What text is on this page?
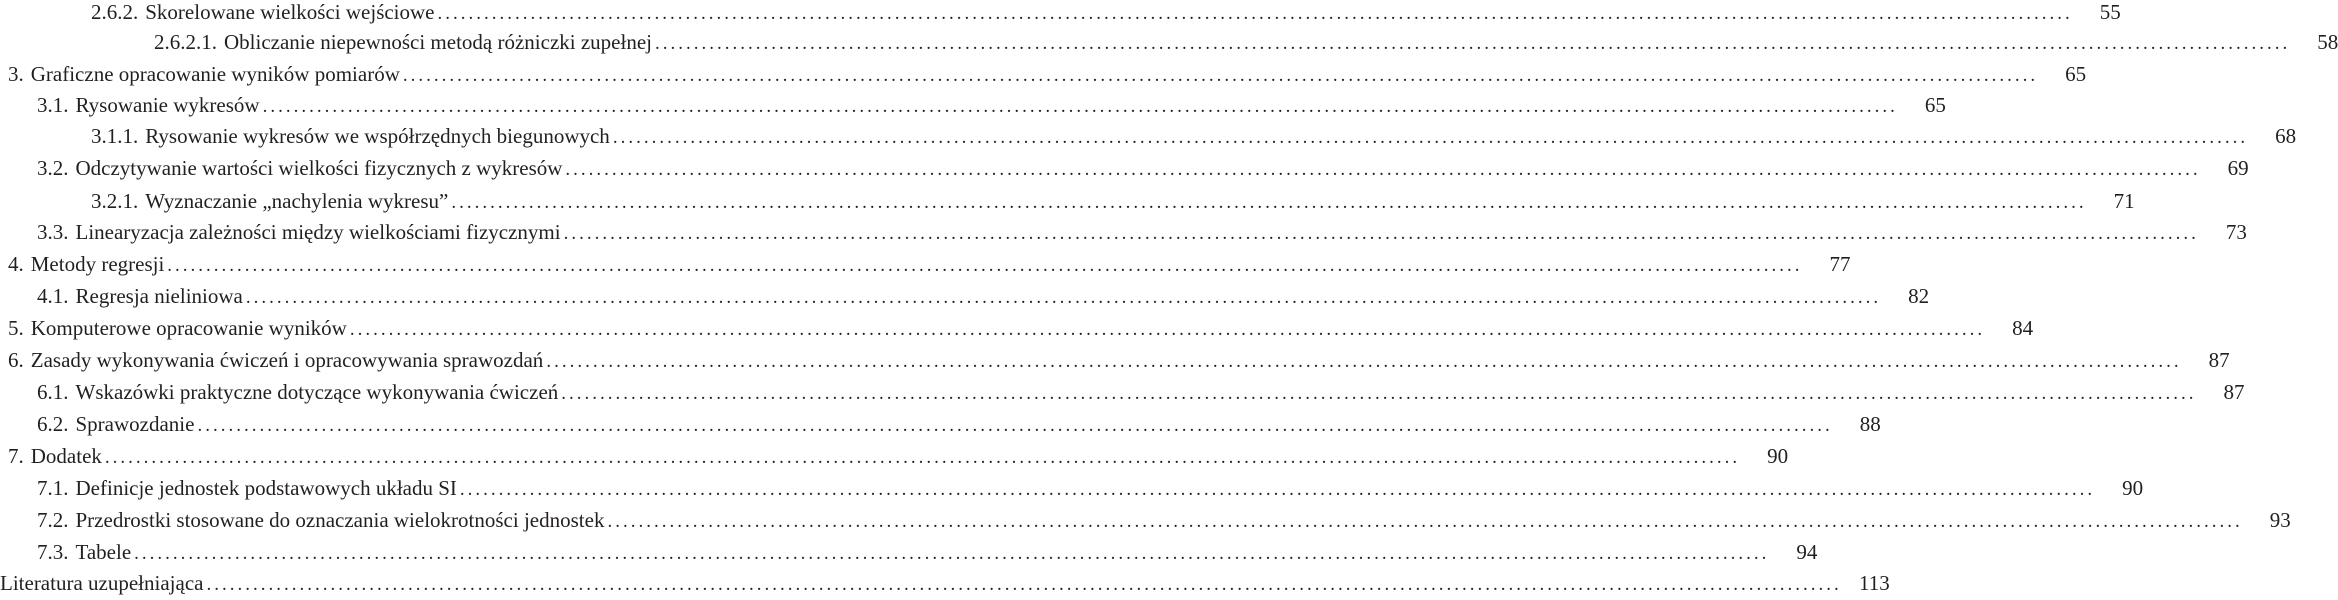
2.6.2. Skorelowane wielkości wejściowe ...................................................................................................................................................................................................................	55
2.6.2.1. Obliczanie niepewności metodą różniczki zupełnej ...................................................................................................................................................................................................................	58
3. Graficzne opracowanie wyników pomiarów ...................................................................................................................................................................................................................	65
3.1. Rysowanie wykresów ...................................................................................................................................................................................................................	65
3.1.1. Rysowanie wykresów we współrzędnych biegunowych ...................................................................................................................................................................................................................	68
3.2. Odczytywanie wartości wielkości fizycznych z wykresów ...................................................................................................................................................................................................................	69
3.2.1. Wyznaczanie „nachylenia wykresu” ...................................................................................................................................................................................................................	71
3.3. Linearyzacja zależności między wielkościami fizycznymi ...................................................................................................................................................................................................................	73
4. Metody regresji ...................................................................................................................................................................................................................	77
4.1. Regresja nieliniowa ...................................................................................................................................................................................................................	82
5. Komputerowe opracowanie wyników ...................................................................................................................................................................................................................	84
6. Zasady wykonywania ćwiczeń i opracowywania sprawozdań ...................................................................................................................................................................................................................	87
6.1. Wskazówki praktyczne dotyczące wykonywania ćwiczeń ...................................................................................................................................................................................................................	87
6.2. Sprawozdanie ...................................................................................................................................................................................................................	88
7. Dodatek ...................................................................................................................................................................................................................	90
7.1. Definicje jednostek podstawowych układu SI ...................................................................................................................................................................................................................	90
7.2. Przedrostki stosowane do oznaczania wielokrotności jednostek ...................................................................................................................................................................................................................	93
7.3. Tabele ...................................................................................................................................................................................................................	94
Literatura uzupełniająca ................................................................................................................................................................................................................... 113
